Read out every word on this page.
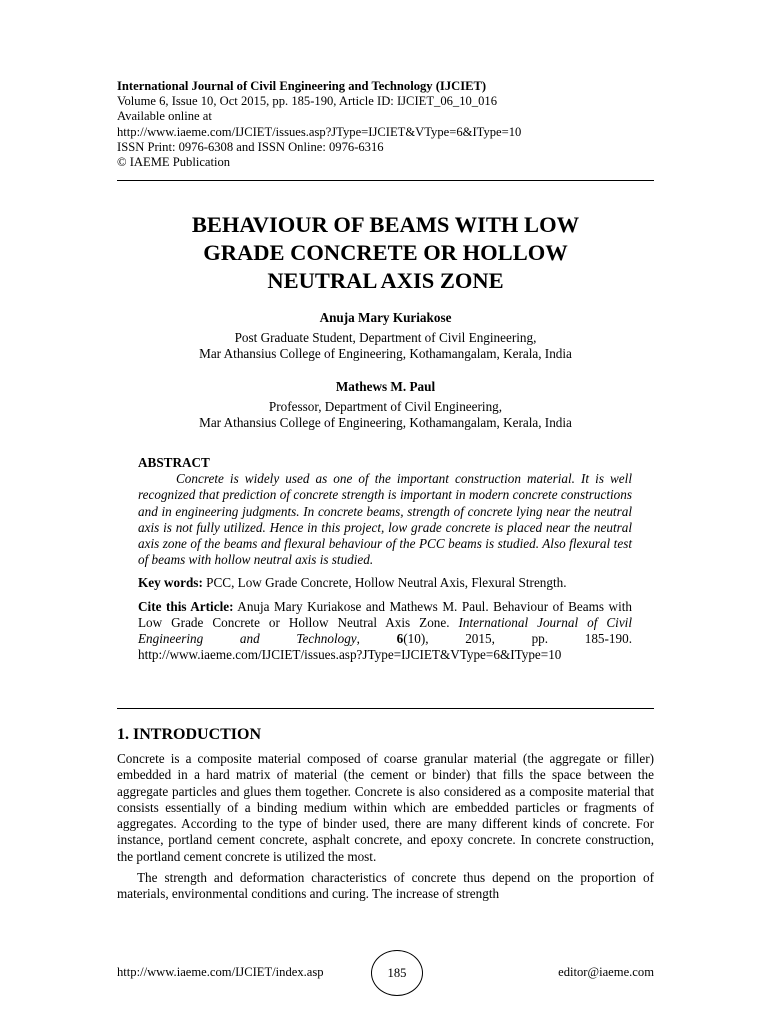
International Journal of Civil Engineering and Technology (IJCIET)
Volume 6, Issue 10, Oct 2015, pp. 185-190, Article ID: IJCIET_06_10_016
Available online at
http://www.iaeme.com/IJCIET/issues.asp?JType=IJCIET&VType=6&IType=10
ISSN Print: 0976-6308 and ISSN Online: 0976-6316
© IAEME Publication
BEHAVIOUR OF BEAMS WITH LOW
GRADE CONCRETE OR HOLLOW
NEUTRAL AXIS ZONE
Anuja Mary Kuriakose
Post Graduate Student, Department of Civil Engineering,
Mar Athansius College of Engineering, Kothamangalam, Kerala, India
Mathews M. Paul
Professor, Department of Civil Engineering,
Mar Athansius College of Engineering, Kothamangalam, Kerala, India
ABSTRACT

Concrete is widely used as one of the important construction material. It is well recognized that prediction of concrete strength is important in modern concrete constructions and in engineering judgments. In concrete beams, strength of concrete lying near the neutral axis is not fully utilized. Hence in this project, low grade concrete is placed near the neutral axis zone of the beams and flexural behaviour of the PCC beams is studied. Also flexural test of beams with hollow neutral axis is studied.

Key words: PCC, Low Grade Concrete, Hollow Neutral Axis, Flexural Strength.
Cite this Article: Anuja Mary Kuriakose and Mathews M. Paul. Behaviour of Beams with Low Grade Concrete or Hollow Neutral Axis Zone. International Journal of Civil Engineering and Technology,	6(10), 2015, pp. 185-190. http://www.iaeme.com/IJCIET/issues.asp?JType=IJCIET&VType=6&IType=10
1. INTRODUCTION

Concrete is a composite material composed of coarse granular material (the aggregate or filler) embedded in a hard matrix of material (the cement or binder) that fills the space between the aggregate particles and glues them together. Concrete is also considered as a composite material that consists essentially of a binding medium within which are embedded particles or fragments of aggregates. According to the type of binder used, there are many different kinds of concrete. For instance, portland cement concrete, asphalt concrete, and epoxy concrete. In concrete construction, the portland cement concrete is utilized the most.

The strength and deformation characteristics of concrete thus depend on the proportion of materials, environmental conditions and curing. The increase of strength

http://www.iaeme.com/IJCIET/index.asp	185	editor@iaeme.com
